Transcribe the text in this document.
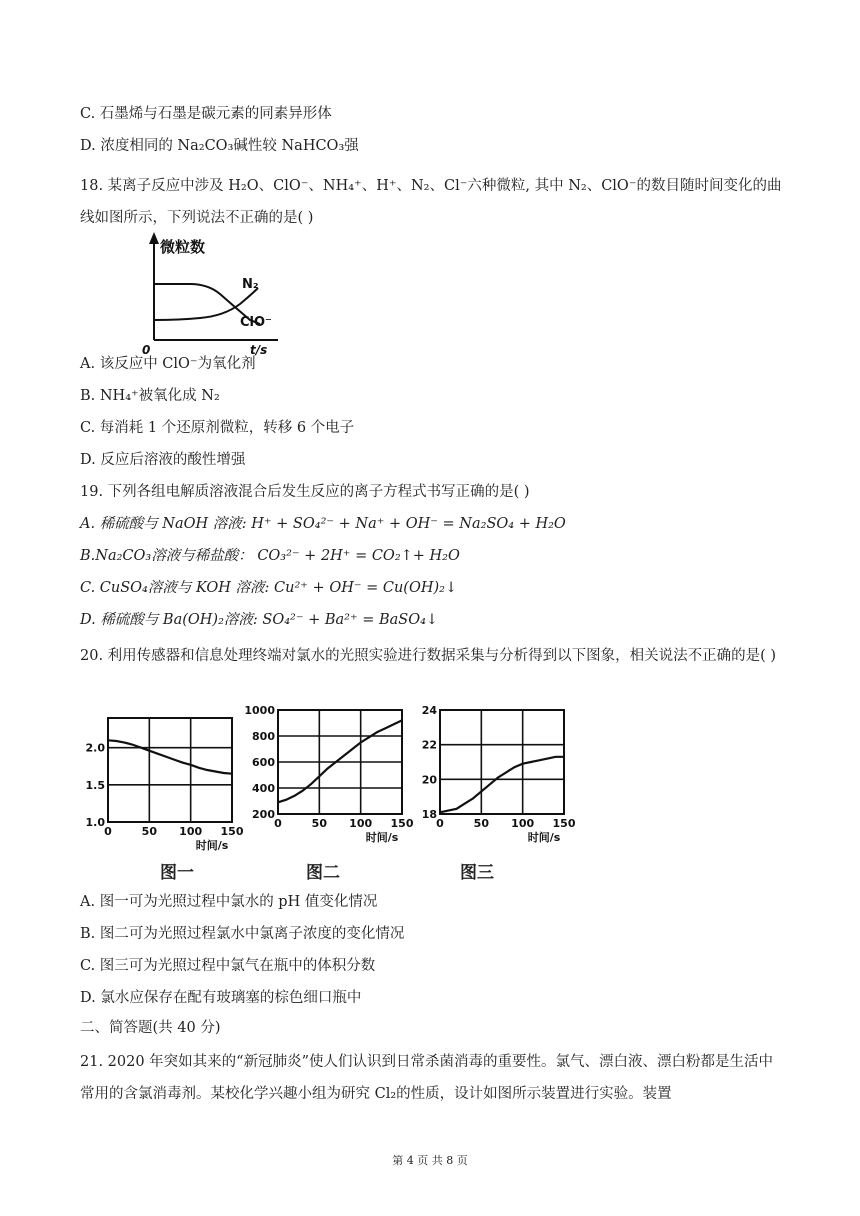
C. 石墨烯与石墨是碳元素的同素异形体
D. 浓度相同的 Na₂CO₃碱性较 NaHCO₃强
18. 某离子反应中涉及 H₂O、ClO⁻、NH₄⁺、H⁺、N₂、Cl⁻六种微粒, 其中 N₂、ClO⁻的数目随时间变化的曲线如图所示，下列说法不正确的是( )
微粒数
0	t/s
N₂
ClO⁻
A. 该反应中 ClO⁻为氧化剂
B. NH₄⁺被氧化成 N₂
C. 每消耗 1 个还原剂微粒，转移 6 个电子
D. 反应后溶液的酸性增强
19. 下列各组电解质溶液混合后发生反应的离子方程式书写正确的是( )
A. 稀硫酸与 NaOH 溶液: H⁺ + SO₄²⁻ + Na⁺ + OH⁻ = Na₂SO₄ + H₂O
B.Na₂CO₃溶液与稀盐酸： CO₃²⁻ + 2H⁺ = CO₂↑+ H₂O
C. CuSO₄溶液与 KOH 溶液: Cu²⁺ + OH⁻ = Cu(OH)₂↓
D. 稀硫酸与 Ba(OH)₂溶液: SO₄²⁻ + Ba²⁺ = BaSO₄↓
20. 利用传感器和信息处理终端对氯水的光照实验进行数据采集与分析得到以下图象，相关说法不正确的是( )
1.0
1.5
2.0
0	50 100 150
时间/s
200
400
600
800
1000
0	50 100 150
时间/s
18
20
22
24
0	50 100 150
时间/s
图一	图二	图三
A. 图一可为光照过程中氯水的 pH 值变化情况
B. 图二可为光照过程氯水中氯离子浓度的变化情况
C. 图三可为光照过程中氯气在瓶中的体积分数
D. 氯水应保存在配有玻璃塞的棕色细口瓶中
二、简答题(共 40 分)
21. 2020 年突如其来的“新冠肺炎”使人们认识到日常杀菌消毒的重要性。氯气、漂白液、漂白粉都是生活中常用的含氯消毒剂。某校化学兴趣小组为研究 Cl₂的性质，设计如图所示装置进行实验。装置
第 4 页 共 8 页
